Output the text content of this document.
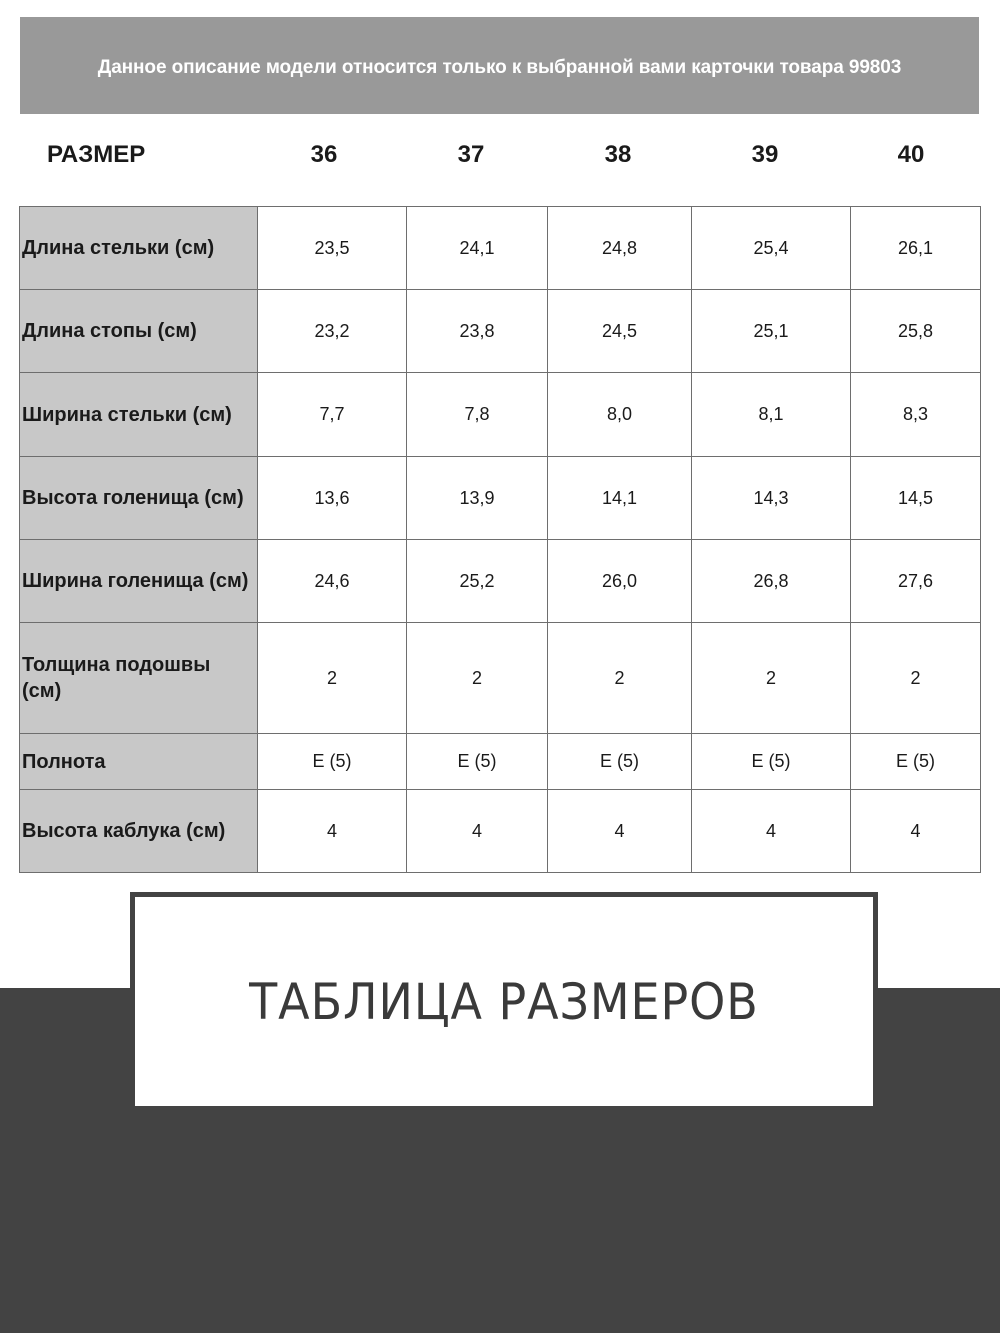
Данное описание модели относится только к выбранной вами карточки товара 99803
РАЗМЕР	36	37	38	39	40
Длина стельки (см)	23,5	24,1	24,8	25,4	26,1
Длина стопы (см)	23,2	23,8	24,5	25,1	25,8
Ширина стельки (см)	7,7	7,8	8,0	8,1	8,3
Высота голенища (см)	13,6	13,9	14,1	14,3	14,5
Ширина голенища (см)	24,6	25,2	26,0	26,8	27,6
Толщина подошвы (см)	2	2	2	2	2
Полнота	E (5)	E (5)	E (5)	E (5)	E (5)
Высота каблука (см)	4	4	4	4	4
ТАБЛИЦА РАЗМЕРОВ
